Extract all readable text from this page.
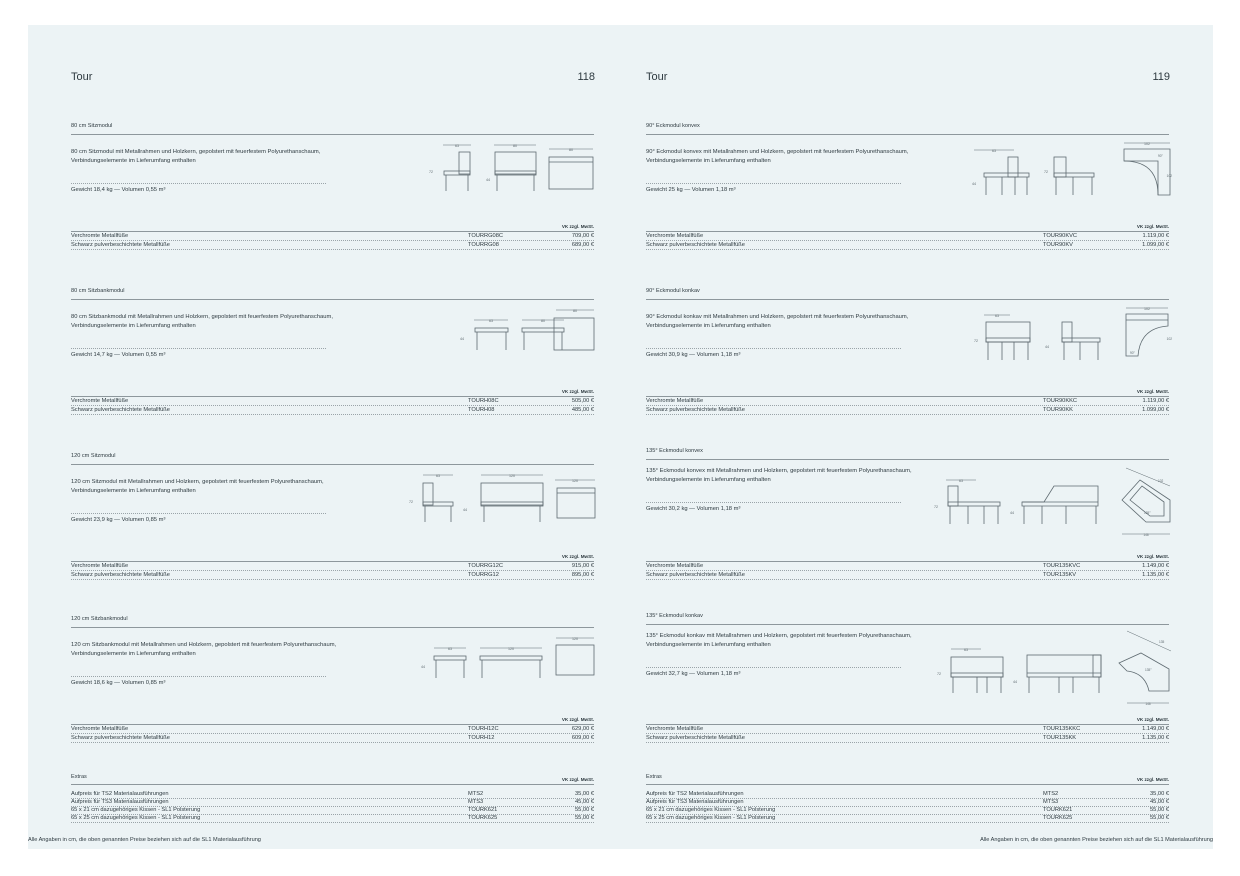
Tour	118
80 cm Sitzmodul
80 cm Sitzmodul mit Metallrahmen und Holzkern, gepolstert mit feuerfestem Polyurethanschaum, Verbindungselemente im Lieferumfang enthalten
Gewicht 18,4 kg — Volumen 0,55 m³
63
72
80
44
80
VK zzgl. MwSt.
Verchromte Metallfüße	TOURRG08C	709,00 €
Schwarz pulverbeschichtete Metallfüße	TOURRG08	689,00 €
80 cm Sitzbankmodul
80 cm Sitzbankmodul mit Metallrahmen und Holzkern, gepolstert mit feuerfestem Polyurethanschaum, Verbindungselemente im Lieferumfang enthalten
Gewicht 14,7 kg — Volumen 0,55 m³
63
44
80
80
VK zzgl. MwSt.
Verchromte Metallfüße	TOURH08C	505,00 €
Schwarz pulverbeschichtete Metallfüße	TOURH08	485,00 €
120 cm Sitzmodul
120 cm Sitzmodul mit Metallrahmen und Holzkern, gepolstert mit feuerfestem Polyurethanschaum, Verbindungselemente im Lieferumfang enthalten
Gewicht 23,9 kg — Volumen 0,85 m³
63
72
120
44
120
VK zzgl. MwSt.
Verchromte Metallfüße	TOURRG12C	915,00 €
Schwarz pulverbeschichtete Metallfüße	TOURRG12	895,00 €
120 cm Sitzbankmodul
120 cm Sitzbankmodul mit Metallrahmen und Holzkern, gepolstert mit feuerfestem Polyurethanschaum, Verbindungselemente im Lieferumfang enthalten
Gewicht 18,6 kg — Volumen 0,85 m³
63
44
120
120
VK zzgl. MwSt.
Verchromte Metallfüße	TOURH12C	629,00 €
Schwarz pulverbeschichtete Metallfüße	TOURH12	609,00 €
Extras	VK zzgl. MwSt.
Aufpreis für TS2 Materialausführungen	MTS2	35,00 €
Aufpreis für TS3 Materialausführungen	MTS3	45,00 €
65 x 21 cm dazugehöriges Kissen - SL1 Polsterung	TOURK621	55,00 €
65 x 25 cm dazugehöriges Kissen - SL1 Polsterung	TOURK625	55,00 €
Tour	119
90° Eckmodul konvex
90° Eckmodul konvex mit Metallrahmen und Holzkern, gepolstert mit feuerfestem Polyurethanschaum, Verbindungselemente im Lieferumfang enthalten
Gewicht 25 kg — Volumen 1,18 m³
63
44
72
102
90°
102
VK zzgl. MwSt.
Verchromte Metallfüße	TOUR90KVC	1.119,00 €
Schwarz pulverbeschichtete Metallfüße	TOUR90KV	1.099,00 €
90° Eckmodul konkav
90° Eckmodul konkav mit Metallrahmen und Holzkern, gepolstert mit feuerfestem Polyurethanschaum, Verbindungselemente im Lieferumfang enthalten
Gewicht 30,9 kg — Volumen 1,18 m³
63
72
44
102
102
90°
VK zzgl. MwSt.
Verchromte Metallfüße	TOUR90KKC	1.119,00 €
Schwarz pulverbeschichtete Metallfüße	TOUR90KK	1.099,00 €
135° Eckmodul konvex
135° Eckmodul konvex mit Metallrahmen und Holzkern, gepolstert mit feuerfestem Polyurethanschaum, Verbindungselemente im Lieferumfang enthalten
Gewicht 30,2 kg — Volumen 1,18 m³
63
72
44
102
135°
146
VK zzgl. MwSt.
Verchromte Metallfüße	TOUR135KVC	1.149,00 €
Schwarz pulverbeschichtete Metallfüße	TOUR135KV	1.135,00 €
135° Eckmodul konkav
135° Eckmodul konkav mit Metallrahmen und Holzkern, gepolstert mit feuerfestem Polyurethanschaum, Verbindungselemente im Lieferumfang enthalten
Gewicht 32,7 kg — Volumen 1,18 m³
63
72
44
135
135°
146
VK zzgl. MwSt.
Verchromte Metallfüße	TOUR135KKC	1.149,00 €
Schwarz pulverbeschichtete Metallfüße	TOUR135KK	1.135,00 €
Extras	VK zzgl. MwSt.
Aufpreis für TS2 Materialausführungen	MTS2	35,00 €
Aufpreis für TS3 Materialausführungen	MTS3	45,00 €
65 x 21 cm dazugehöriges Kissen - SL1 Polsterung	TOURK621	55,00 €
65 x 25 cm dazugehöriges Kissen - SL1 Polsterung	TOURK625	55,00 €
Alle Angaben in cm, die oben genannten Preise beziehen sich auf die SL1 Materialausführung	Alle Angaben in cm, die oben genannten Preise beziehen sich auf die SL1 Materialausführung
